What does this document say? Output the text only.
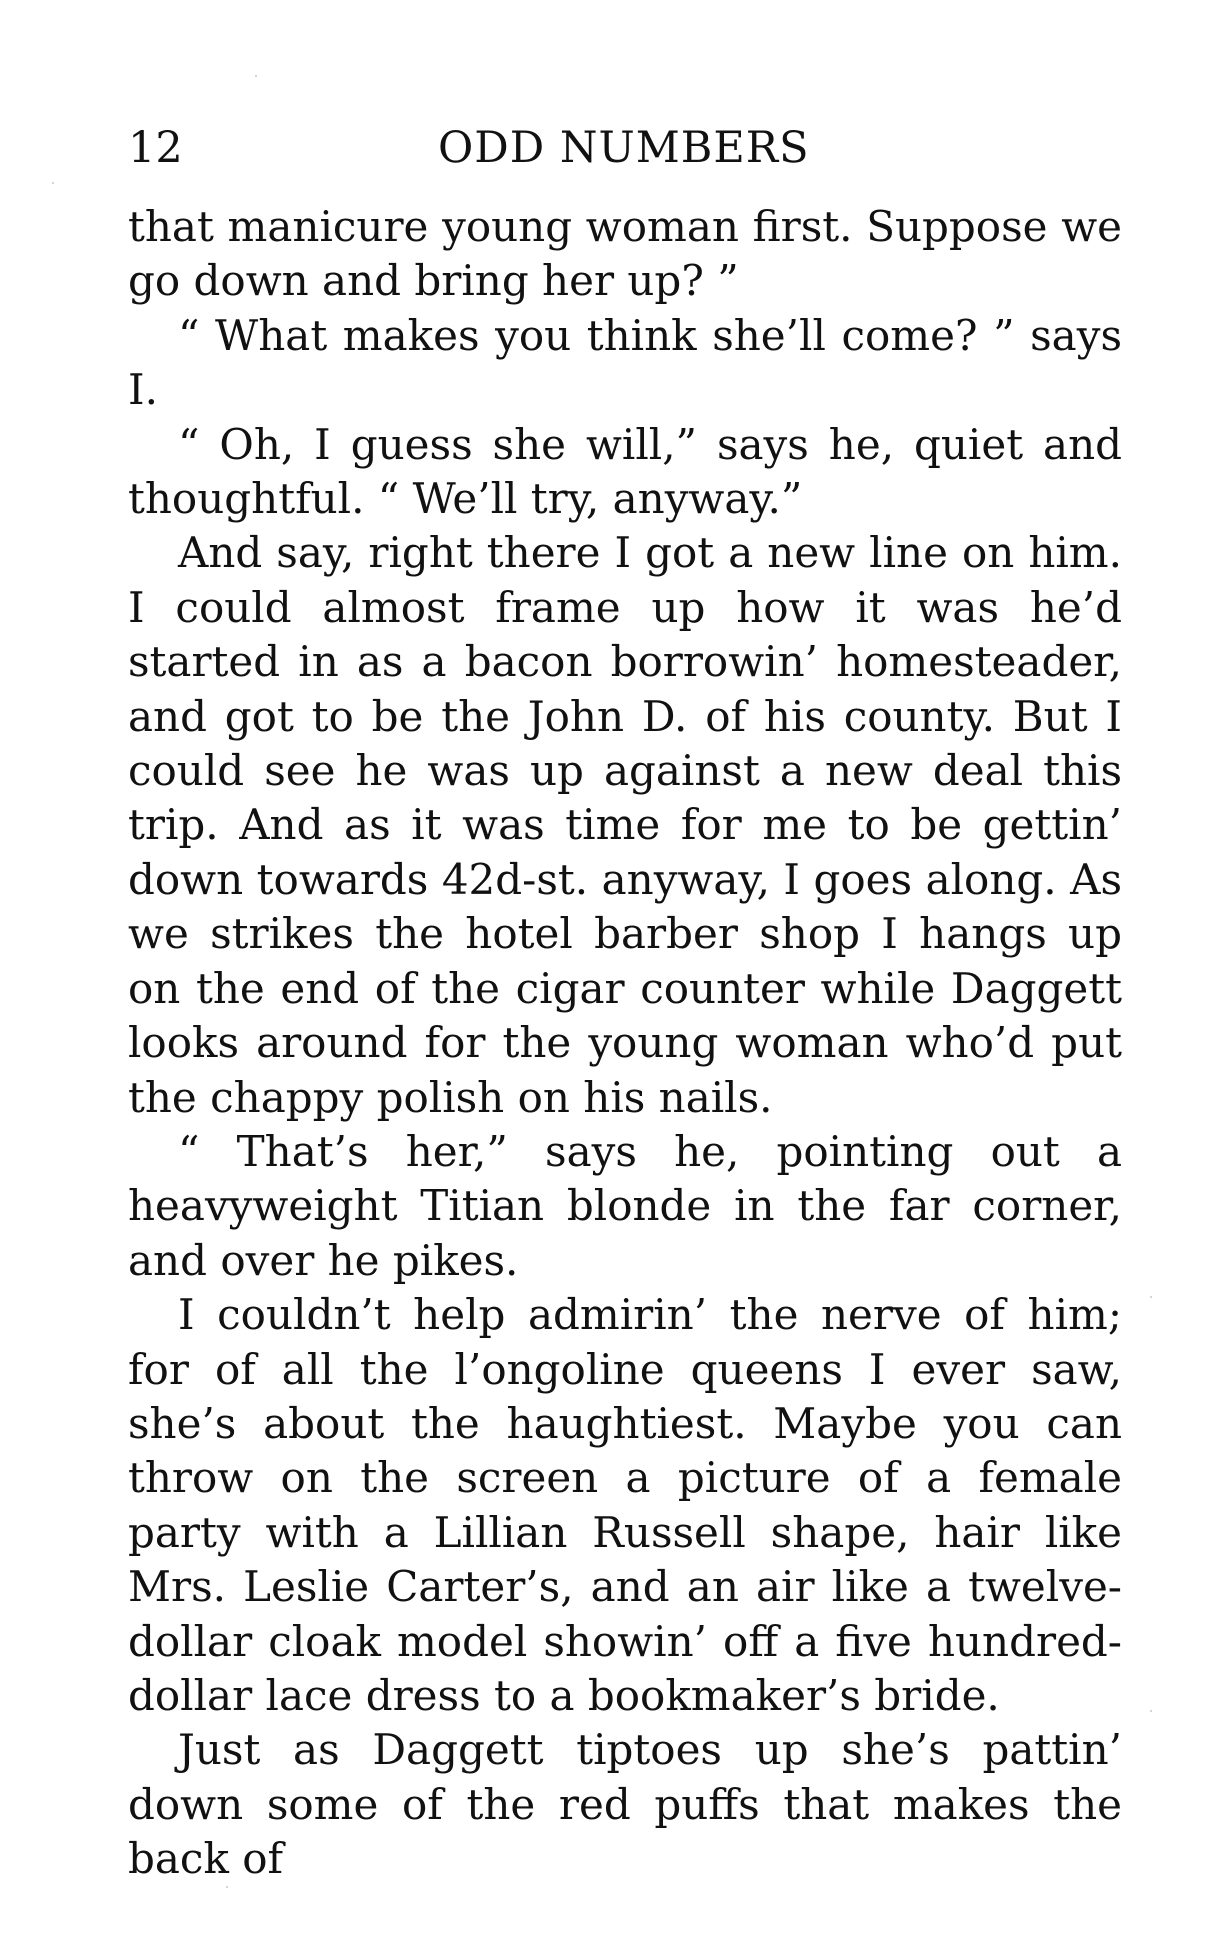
12	ODD NUMBERS

that manicure young woman first. Suppose we go down and bring her up? ”

“ What makes you think she’ll come? ” says I.

“ Oh, I guess she will,” says he, quiet and thoughtful. “ We’ll try, anyway.”

And say, right there I got a new line on him. I could almost frame up how it was he’d started in as a bacon borrowin’ homesteader, and got to be the John D. of his county. But I could see he was up against a new deal this trip. And as it was time for me to be gettin’ down towards 42d-st. anyway, I goes along. As we strikes the hotel barber shop I hangs up on the end of the cigar counter while Daggett looks around for the young woman who’d put the chappy polish on his nails.

“ That’s her,” says he, pointing out a heavyweight Titian blonde in the far corner, and over he pikes.

I couldn’t help admirin’ the nerve of him; for of all the l’ongoline queens I ever saw, she’s about the haughtiest. Maybe you can throw on the screen a picture of a female party with a Lillian Russell shape, hair like Mrs. Leslie Carter’s, and an air like a twelve-dollar cloak model showin’ off a five hundred-dollar lace dress to a bookmaker’s bride.

Just as Daggett tiptoes up she’s pattin’ down some of the red puffs that makes the back of
